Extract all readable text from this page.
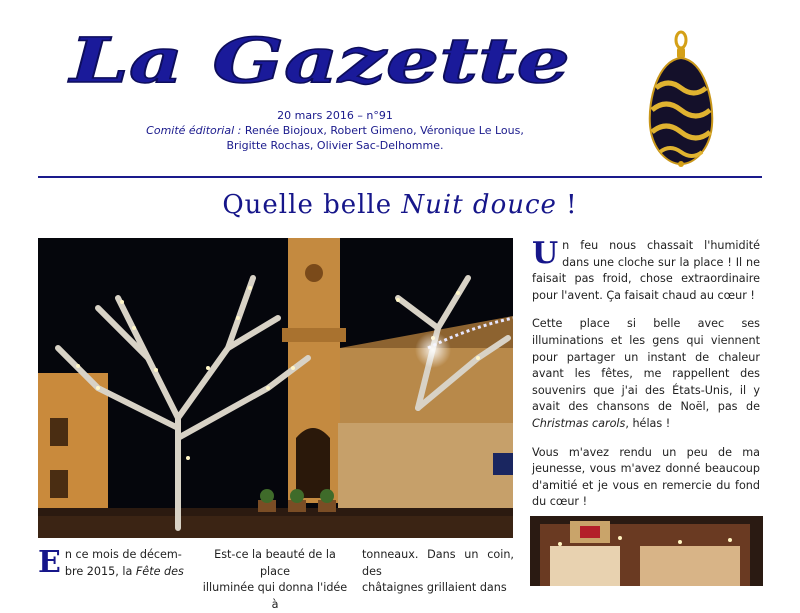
La Gazette
20 mars 2016 – n°91
Comité éditorial : Renée Biojoux, Robert Gimeno, Véronique Le Lous,
Brigitte Rochas, Olivier Sac-Delhomme.
Quelle belle Nuit douce !

Un feu nous chassait l'humidité dans une cloche sur la place ! Il ne faisait pas froid, chose extraordinaire pour l'avent. Ça faisait chaud au cœur !

Cette place si belle avec ses illuminations et les gens qui viennent pour partager un instant de chaleur avant les fêtes, me rappellent des souvenirs que j'ai des États-Unis, il y avait des chansons de Noël, pas de Christmas carols, hélas !

Vous m'avez rendu un peu de ma jeunesse, vous m'avez donné beaucoup d'amitié et je vous en remercie du fond du cœur !

En ce mois de décem-
bre 2015, la Fête des
Est-ce la beauté de la place
illuminée qui donna l'idée à
tonneaux. Dans un coin, des
châtaignes grillaient dans
